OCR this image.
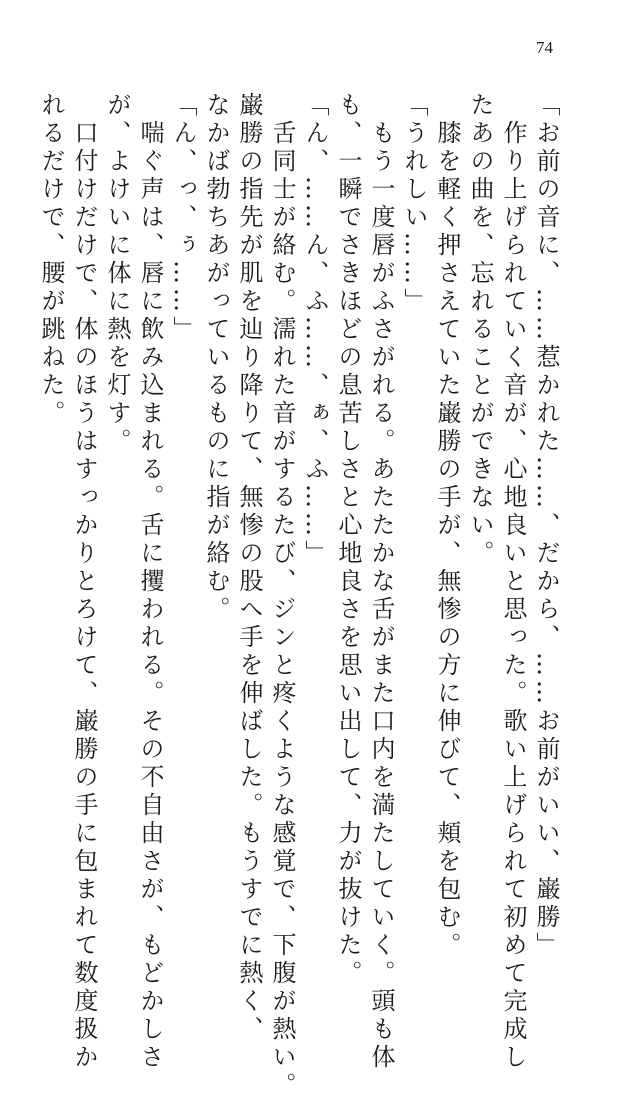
74
「お前の音に、……惹かれた……、だから、……お前がいい、巌勝」
　作り上げられていく音が、心地良いと思った。歌い上げられて初めて完成し
たあの曲を、忘れることができない。
　膝を軽く押さえていた巌勝の手が、無惨の方に伸びて、頬を包む。
「うれしい……」
　もう一度唇がふさがれる。あたたかな舌がまた口内を満たしていく。頭も体
も、一瞬でさきほどの息苦しさと心地良さを思い出して、力が抜けた。
「ん、……ん、ふ……、ぁ、ふ……」
　舌同士が絡む。濡れた音がするたび、ジンと疼くような感覚で、下腹が熱い。
巌勝の指先が肌を辿り降りて、無惨の股へ手を伸ばした。もうすでに熱く、
なかば勃ちあがっているものに指が絡む。
「ん、っ、ぅ……」
　喘ぐ声は、唇に飲み込まれる。舌に攫われる。その不自由さが、もどかしさ
が、よけいに体に熱を灯す。
　口付けだけで、体のほうはすっかりとろけて、巌勝の手に包まれて数度扱か
れるだけで、腰が跳ねた。
